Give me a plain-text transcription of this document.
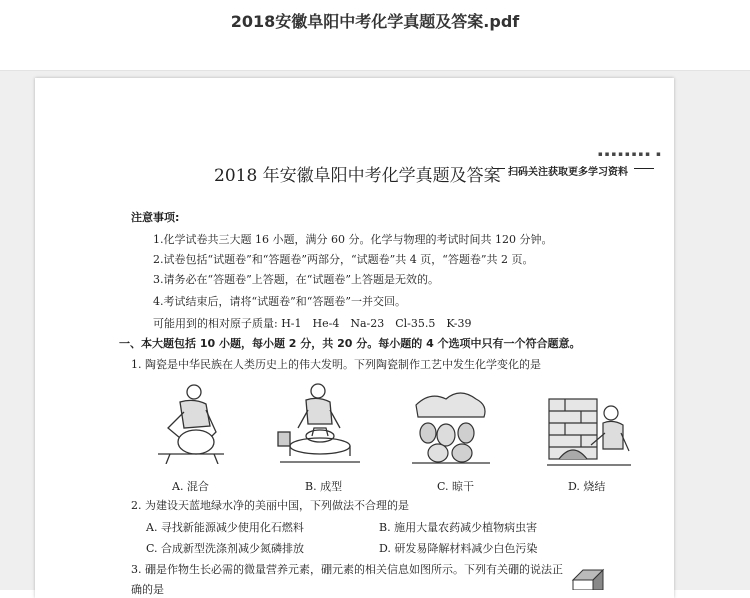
2018安徽阜阳中考化学真题及答案.pdf
▪▪▪▪▪▪▪▪ ▪
2018 年安徽阜阳中考化学真题及答案 扫码关注获取更多学习资料
注意事项:
1.化学试卷共三大题 16 小题，满分 60 分。化学与物理的考试时间共 120 分钟。
2.试卷包括“试题卷”和“答题卷”两部分，“试题卷”共 4 页，“答题卷”共 2 页。
3.请务必在“答题卷”上答题，在“试题卷”上答题是无效的。
4.考试结束后，请将“试题卷”和“答题卷”一并交回。
可能用到的相对原子质量: H-1　He-4　Na-23　Cl-35.5　K-39
一、本大题包括 10 小题，每小题 2 分，共 20 分。每小题的 4 个选项中只有一个符合题意。
1. 陶瓷是中华民族在人类历史上的伟大发明。下列陶瓷制作工艺中发生化学变化的是
A. 混合	B. 成型	C. 晾干	D. 烧结
2. 为建设天蓝地绿水净的美丽中国，下列做法不合理的是
A. 寻找新能源减少使用化石燃料	B. 施用大量农药减少植物病虫害
C. 合成新型洗涤剂减少氮磷排放	D. 研发易降解材料减少白色污染
3. 硼是作物生长必需的微量营养元素，硼元素的相关信息如图所示。下列有关硼的说法正
确的是
